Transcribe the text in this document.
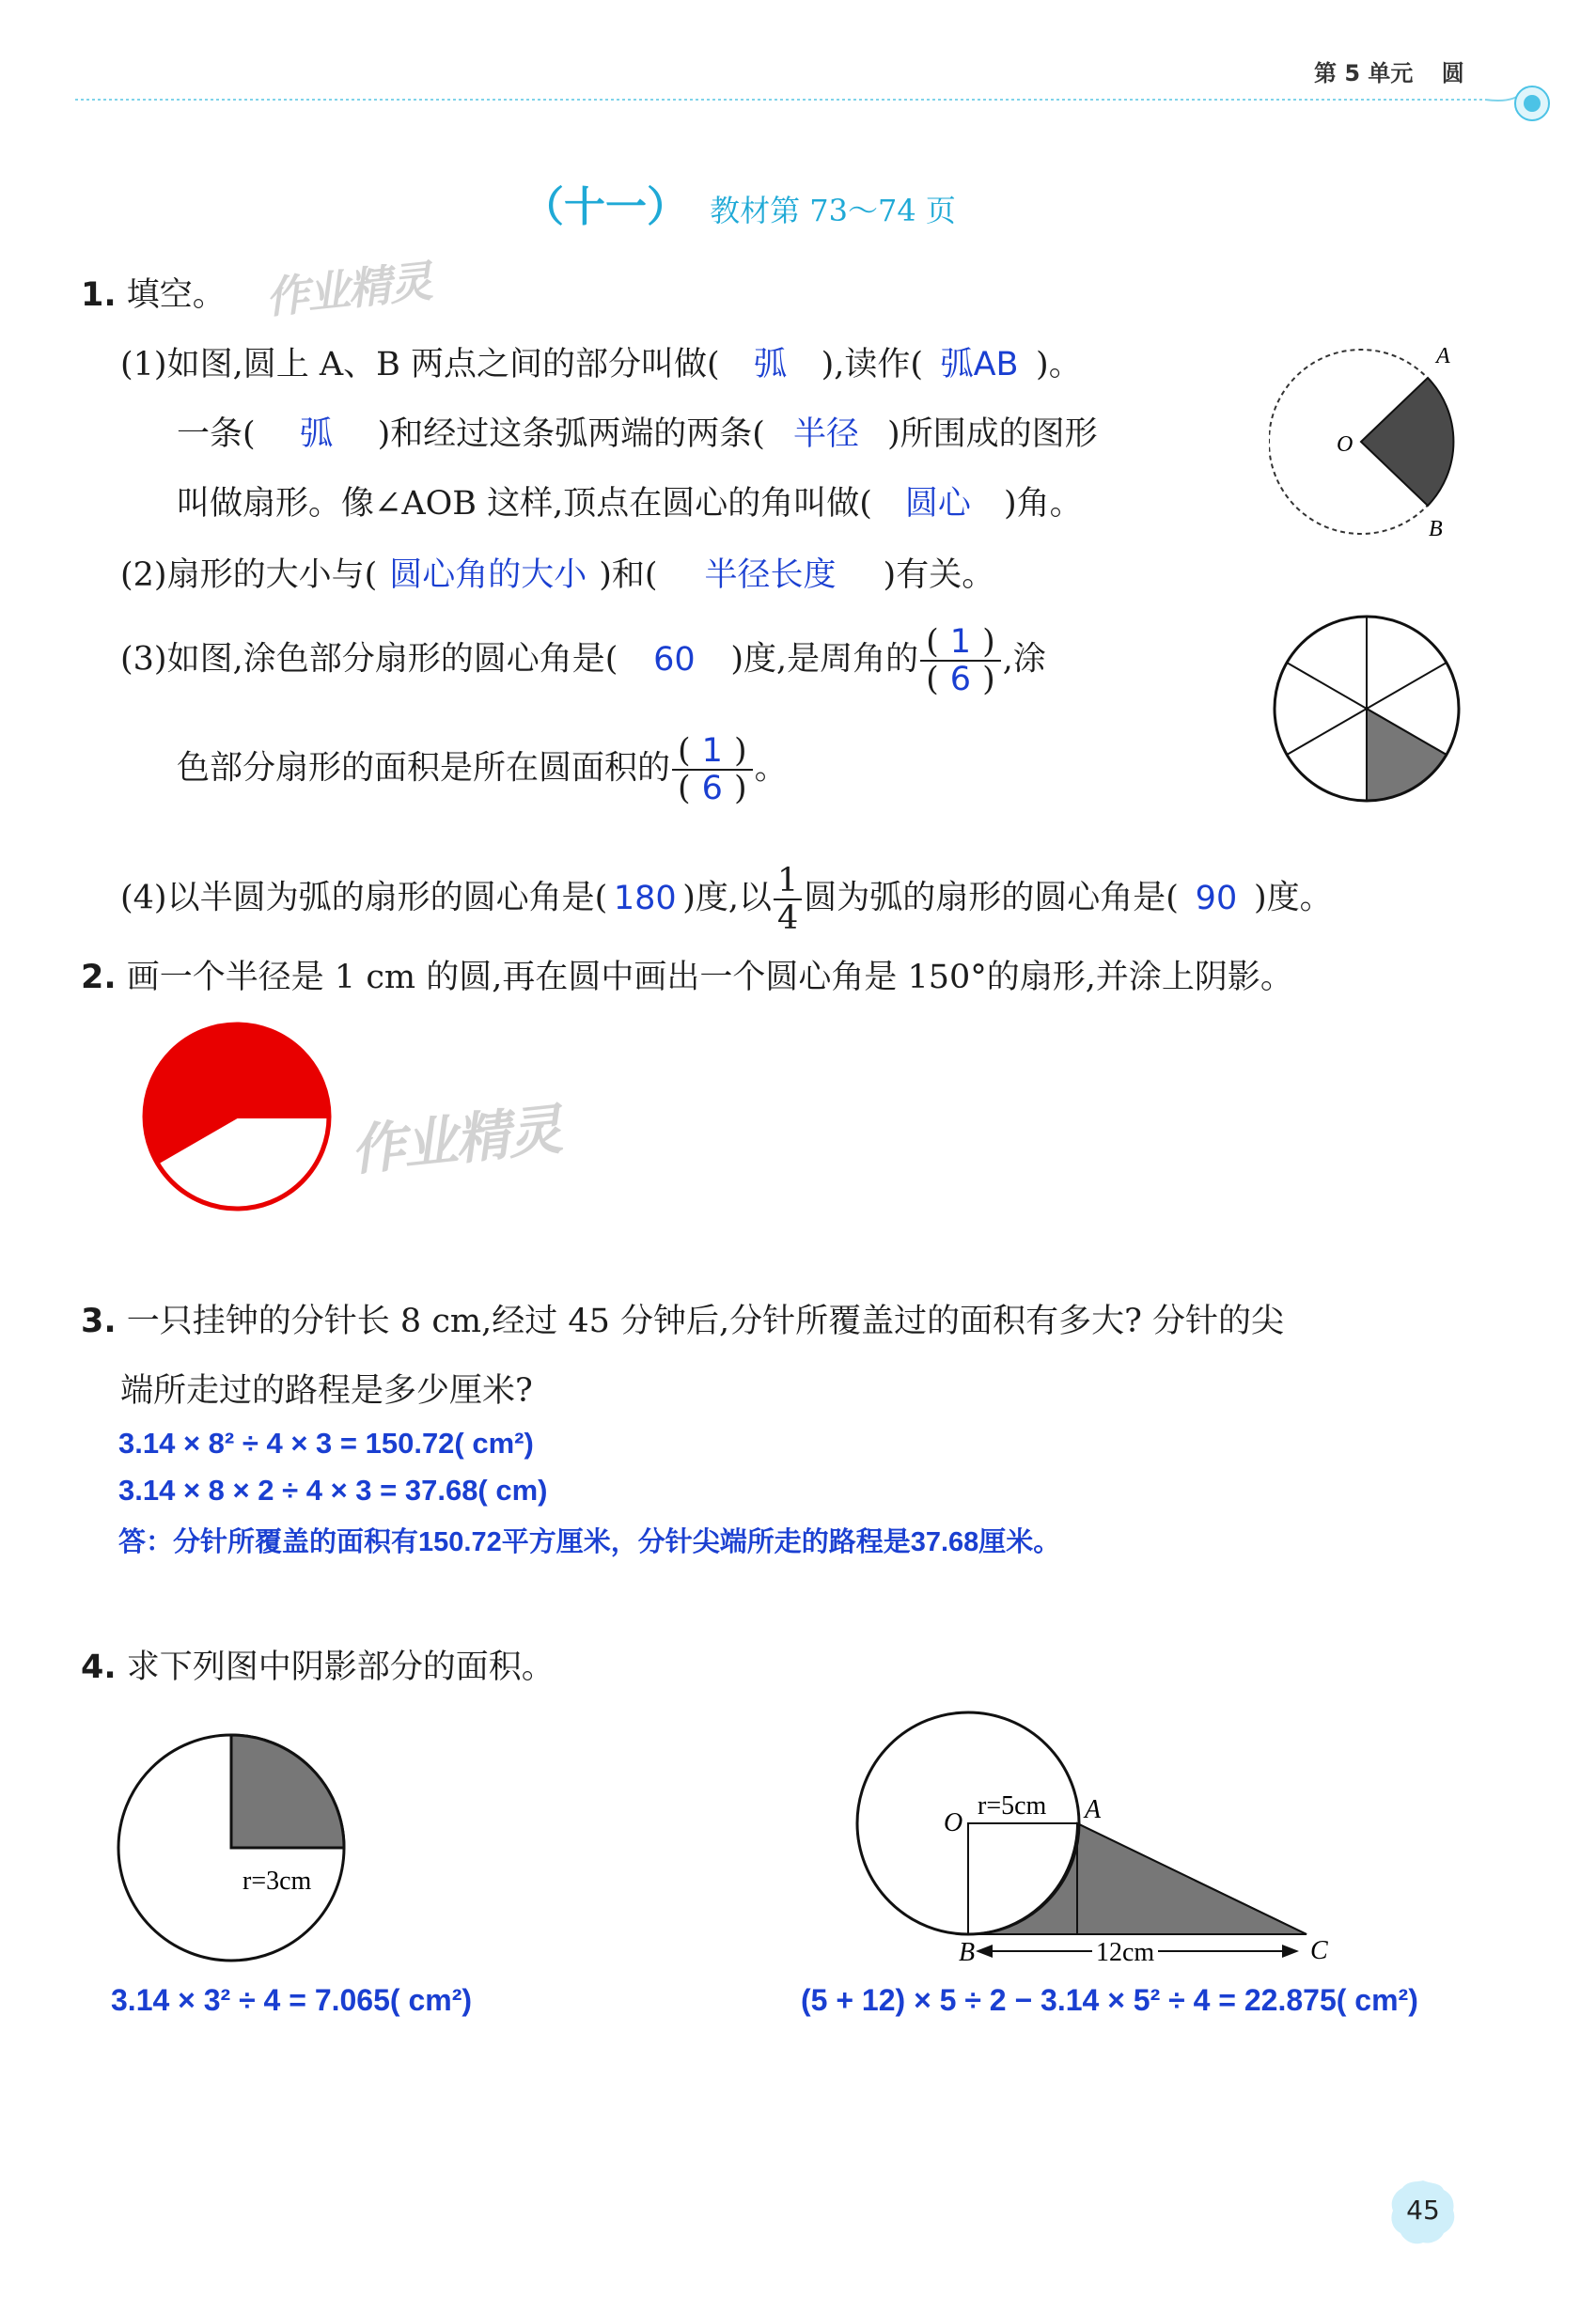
第 5 单元 圆
（十一） 教材第 73～74 页
1. 填空。 作业精灵
(1)如图,圆上 A、B 两点之间的部分叫做( 弧 ),读作( 弧AB )。
一条( 弧 )和经过这条弧两端的两条( 半径 )所围成的图形
叫做扇形。像∠AOB 这样,顶点在圆心的角叫做( 圆心 )角。
A
B
O
(2)扇形的大小与( 圆心角的大小 )和( 半径长度 )有关。
(3)如图,涂色部分扇形的圆心角是( 60 )度,是周角的 $\frac{( 1 )}{( 6 )}$ ,涂
色部分扇形的面积是所在圆面积的 $\frac{( 1 )}{( 6 )}$ 。
(4)以半圆为弧的扇形的圆心角是( 180 )度,以 $\frac{1}{4}$ 圆为弧的扇形的圆心角是( 90 )度。
2. 画一个半径是 1 cm 的圆,再在圆中画出一个圆心角是 150°的扇形,并涂上阴影。
作业精灵
3. 一只挂钟的分针长 8 cm,经过 45 分钟后,分针所覆盖过的面积有多大? 分针的尖
端所走过的路程是多少厘米?
3.14 × 8² ÷ 4 × 3 = 150.72( cm²)
3.14 × 8 × 2 ÷ 4 × 3 = 37.68( cm)
答：分针所覆盖的面积有150.72平方厘米，分针尖端所走的路程是37.68厘米。
4. 求下列图中阴影部分的面积。
r=3cm
3.14 × 3² ÷ 4 = 7.065( cm²)
O
r=5cm A
B	C
12cm
(5 + 12) × 5 ÷ 2 − 3.14 × 5² ÷ 4 = 22.875( cm²)
45
